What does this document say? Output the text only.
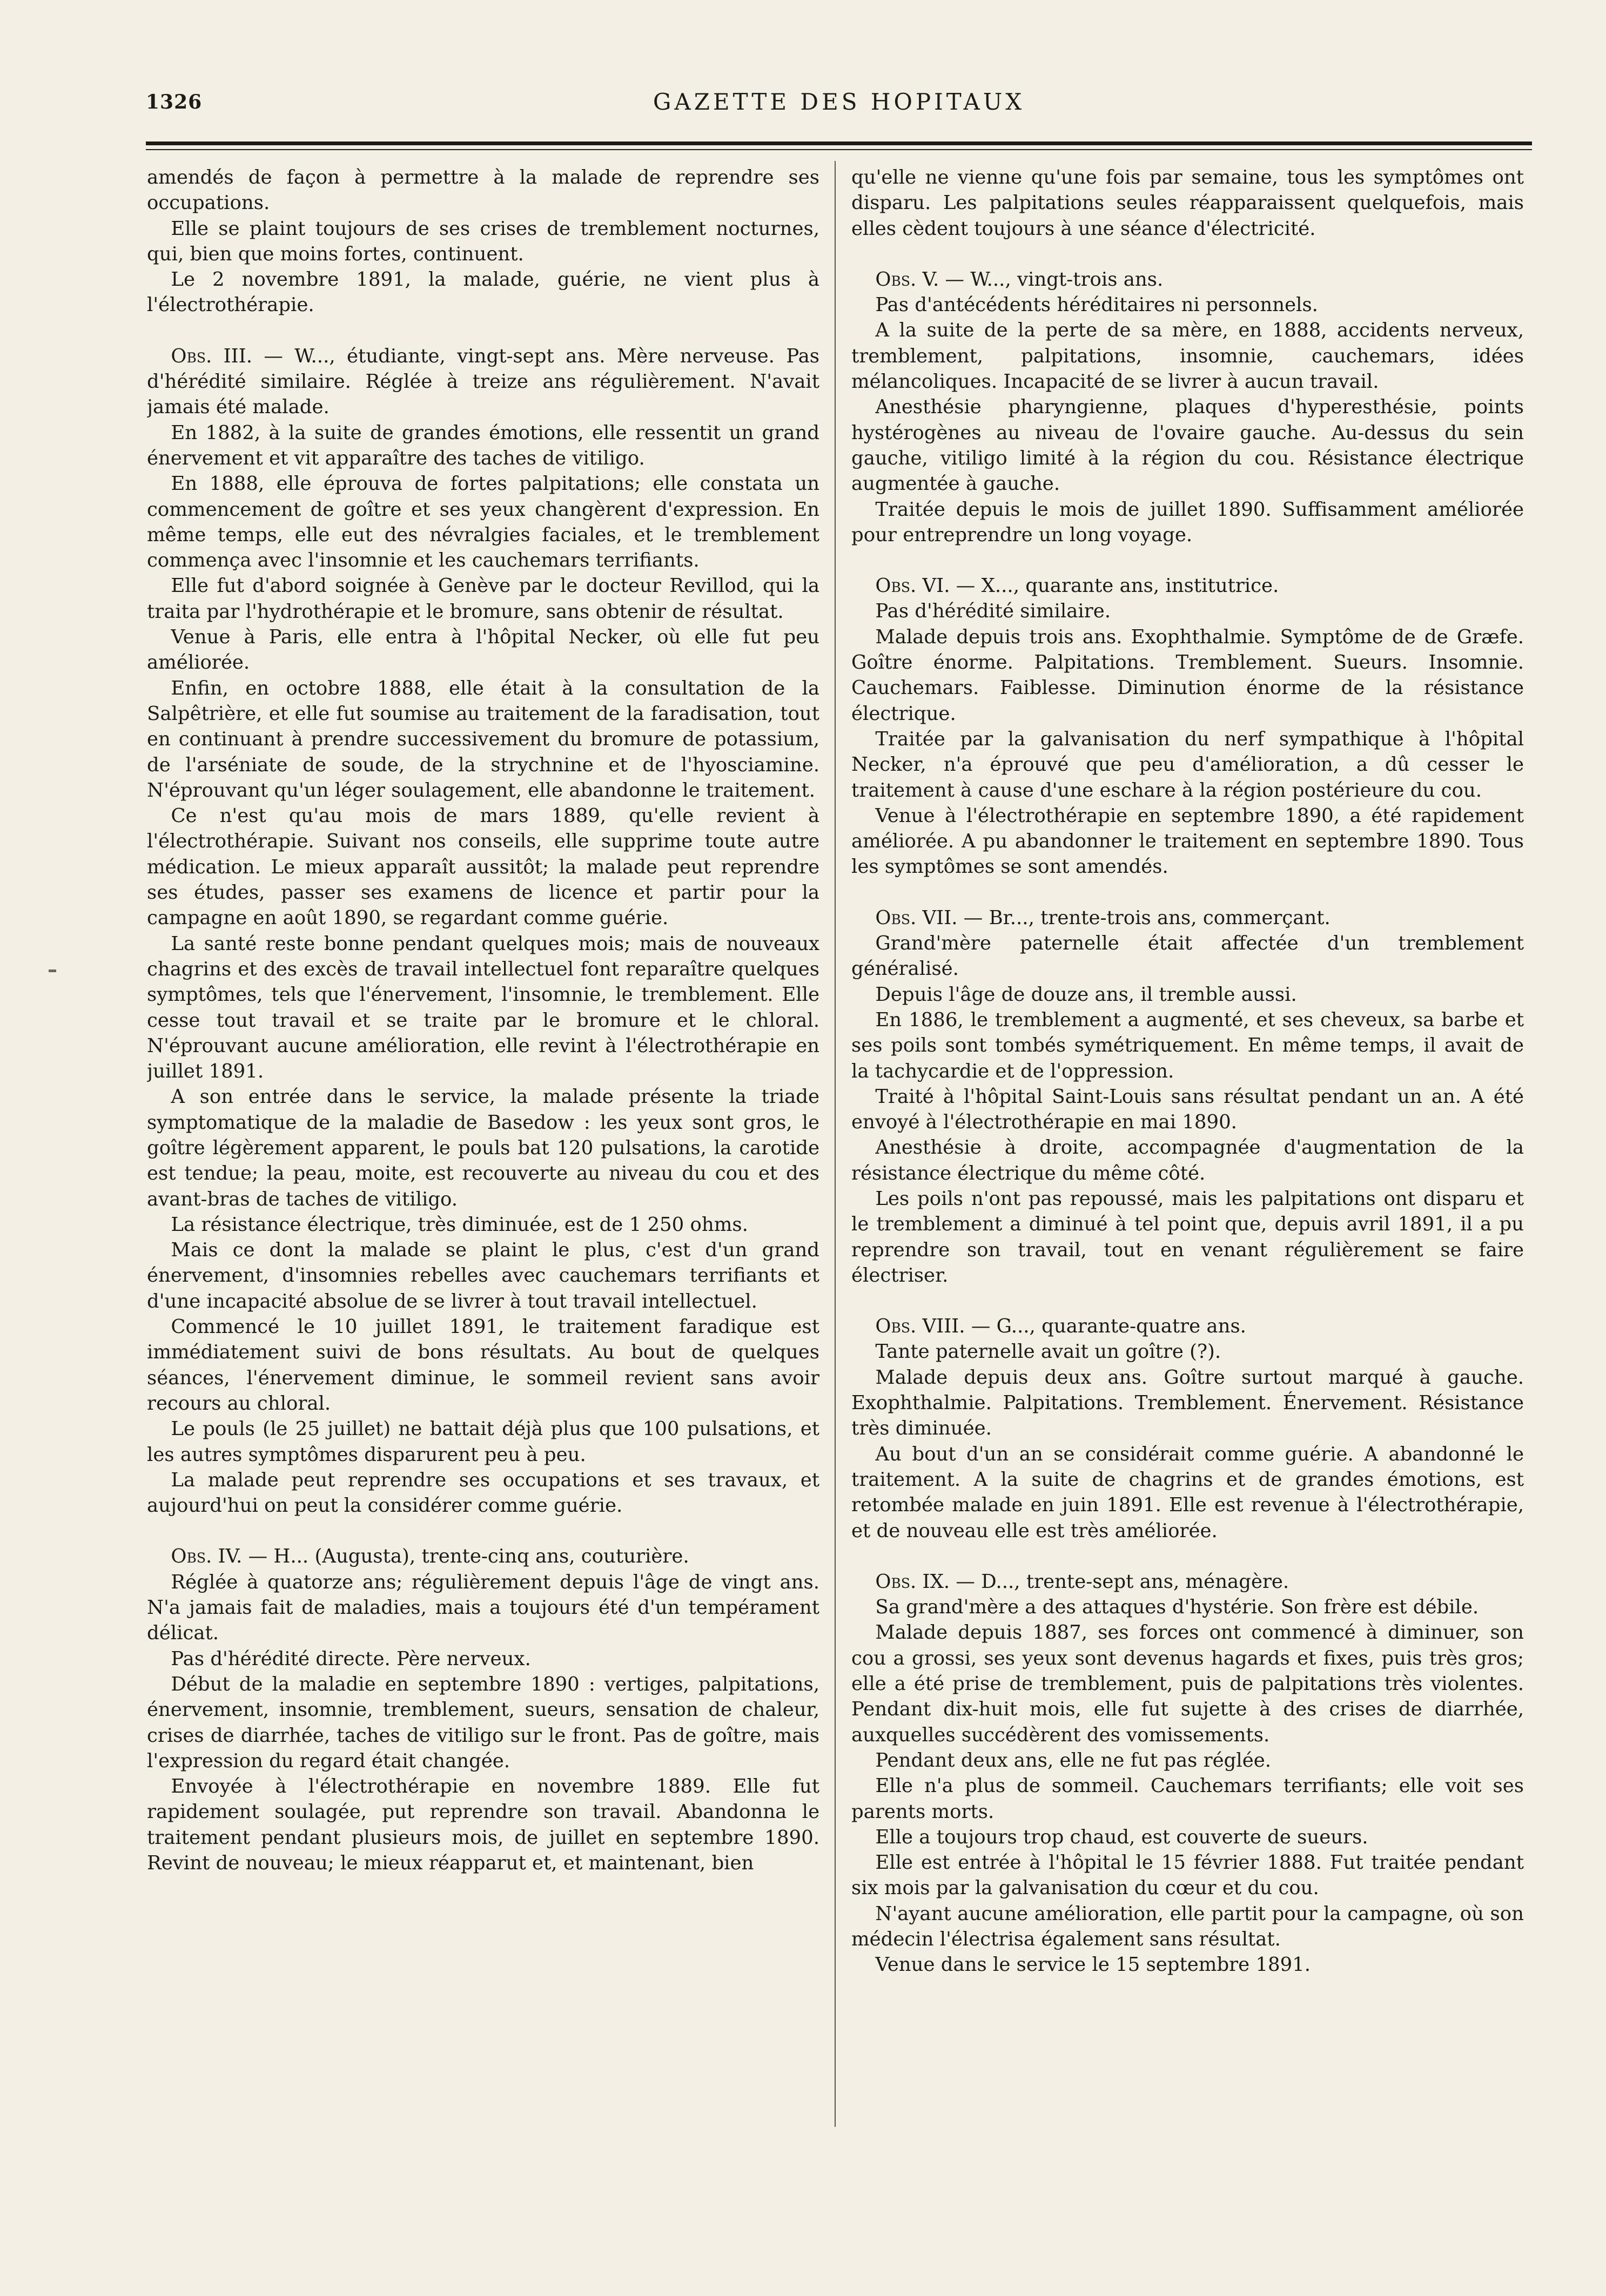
1326	GAZETTE DES HOPITAUX

amendés de façon à permettre à la malade de reprendre ses occupations.

Elle se plaint toujours de ses crises de tremblement nocturnes, qui, bien que moins fortes, continuent.

Le 2 novembre 1891, la malade, guérie, ne vient plus à l'électrothérapie.

Obs. III. — W..., étudiante, vingt-sept ans. Mère nerveuse. Pas d'hérédité similaire. Réglée à treize ans régulièrement. N'avait jamais été malade.

En 1882, à la suite de grandes émotions, elle ressentit un grand énervement et vit apparaître des taches de vitiligo.

En 1888, elle éprouva de fortes palpitations; elle constata un commencement de goître et ses yeux changèrent d'expression. En même temps, elle eut des névralgies faciales, et le tremblement commença avec l'insomnie et les cauchemars terrifiants.

Elle fut d'abord soignée à Genève par le docteur Revillod, qui la traita par l'hydrothérapie et le bromure, sans obtenir de résultat.

Venue à Paris, elle entra à l'hôpital Necker, où elle fut peu améliorée.

Enfin, en octobre 1888, elle était à la consultation de la Salpêtrière, et elle fut soumise au traitement de la faradisation, tout en continuant à prendre successivement du bromure de potassium, de l'arséniate de soude, de la strychnine et de l'hyosciamine. N'éprouvant qu'un léger soulagement, elle abandonne le traitement.

Ce n'est qu'au mois de mars 1889, qu'elle revient à l'électrothérapie. Suivant nos conseils, elle supprime toute autre médication. Le mieux apparaît aussitôt; la malade peut reprendre ses études, passer ses examens de licence et partir pour la campagne en août 1890, se regardant comme guérie.

La santé reste bonne pendant quelques mois; mais de nouveaux chagrins et des excès de travail intellectuel font reparaître quelques symptômes, tels que l'énervement, l'insomnie, le tremblement. Elle cesse tout travail et se traite par le bromure et le chloral. N'éprouvant aucune amélioration, elle revint à l'électrothérapie en juillet 1891.

A son entrée dans le service, la malade présente la triade symptomatique de la maladie de Basedow : les yeux sont gros, le goître légèrement apparent, le pouls bat 120 pulsations, la carotide est tendue; la peau, moite, est recouverte au niveau du cou et des avant-bras de taches de vitiligo.

La résistance électrique, très diminuée, est de 1 250 ohms.

Mais ce dont la malade se plaint le plus, c'est d'un grand énervement, d'insomnies rebelles avec cauchemars terrifiants et d'une incapacité absolue de se livrer à tout travail intellectuel.

Commencé le 10 juillet 1891, le traitement faradique est immédiatement suivi de bons résultats. Au bout de quelques séances, l'énervement diminue, le sommeil revient sans avoir recours au chloral.

Le pouls (le 25 juillet) ne battait déjà plus que 100 pulsations, et les autres symptômes disparurent peu à peu.

La malade peut reprendre ses occupations et ses travaux, et aujourd'hui on peut la considérer comme guérie.

Obs. IV. — H... (Augusta), trente-cinq ans, couturière.

Réglée à quatorze ans; régulièrement depuis l'âge de vingt ans. N'a jamais fait de maladies, mais a toujours été d'un tempérament délicat.

Pas d'hérédité directe. Père nerveux.

Début de la maladie en septembre 1890 : vertiges, palpitations, énervement, insomnie, tremblement, sueurs, sensation de chaleur, crises de diarrhée, taches de vitiligo sur le front. Pas de goître, mais l'expression du regard était changée.

Envoyée à l'électrothérapie en novembre 1889. Elle fut rapidement soulagée, put reprendre son travail. Abandonna le traitement pendant plusieurs mois, de juillet en septembre 1890. Revint de nouveau; le mieux réapparut et, et maintenant, bien

qu'elle ne vienne qu'une fois par semaine, tous les symptômes ont disparu. Les palpitations seules réapparaissent quelquefois, mais elles cèdent toujours à une séance d'électricité.

Obs. V. — W..., vingt-trois ans.

Pas d'antécédents héréditaires ni personnels.

A la suite de la perte de sa mère, en 1888, accidents nerveux, tremblement, palpitations, insomnie, cauchemars, idées mélancoliques. Incapacité de se livrer à aucun travail.

Anesthésie pharyngienne, plaques d'hyperesthésie, points hystérogènes au niveau de l'ovaire gauche. Au-dessus du sein gauche, vitiligo limité à la région du cou. Résistance électrique augmentée à gauche.

Traitée depuis le mois de juillet 1890. Suffisamment améliorée pour entreprendre un long voyage.

Obs. VI. — X..., quarante ans, institutrice.

Pas d'hérédité similaire.

Malade depuis trois ans. Exophthalmie. Symptôme de de Græfe. Goître énorme. Palpitations. Tremblement. Sueurs. Insomnie. Cauchemars. Faiblesse. Diminution énorme de la résistance électrique.

Traitée par la galvanisation du nerf sympathique à l'hôpital Necker, n'a éprouvé que peu d'amélioration, a dû cesser le traitement à cause d'une eschare à la région postérieure du cou.

Venue à l'électrothérapie en septembre 1890, a été rapidement améliorée. A pu abandonner le traitement en septembre 1890. Tous les symptômes se sont amendés.

Obs. VII. — Br..., trente-trois ans, commerçant.

Grand'mère paternelle était affectée d'un tremblement généralisé.

Depuis l'âge de douze ans, il tremble aussi.

En 1886, le tremblement a augmenté, et ses cheveux, sa barbe et ses poils sont tombés symétriquement. En même temps, il avait de la tachycardie et de l'oppression.

Traité à l'hôpital Saint-Louis sans résultat pendant un an. A été envoyé à l'électrothérapie en mai 1890.

Anesthésie à droite, accompagnée d'augmentation de la résistance électrique du même côté.

Les poils n'ont pas repoussé, mais les palpitations ont disparu et le tremblement a diminué à tel point que, depuis avril 1891, il a pu reprendre son travail, tout en venant régulièrement se faire électriser.

Obs. VIII. — G..., quarante-quatre ans.

Tante paternelle avait un goître (?).

Malade depuis deux ans. Goître surtout marqué à gauche. Exophthalmie. Palpitations. Tremblement. Énervement. Résistance très diminuée.

Au bout d'un an se considérait comme guérie. A abandonné le traitement. A la suite de chagrins et de grandes émotions, est retombée malade en juin 1891. Elle est revenue à l'électrothérapie, et de nouveau elle est très améliorée.

Obs. IX. — D..., trente-sept ans, ménagère.

Sa grand'mère a des attaques d'hystérie. Son frère est débile.

Malade depuis 1887, ses forces ont commencé à diminuer, son cou a grossi, ses yeux sont devenus hagards et fixes, puis très gros; elle a été prise de tremblement, puis de palpitations très violentes. Pendant dix-huit mois, elle fut sujette à des crises de diarrhée, auxquelles succédèrent des vomissements.

Pendant deux ans, elle ne fut pas réglée.

Elle n'a plus de sommeil. Cauchemars terrifiants; elle voit ses parents morts.

Elle a toujours trop chaud, est couverte de sueurs.

Elle est entrée à l'hôpital le 15 février 1888. Fut traitée pendant six mois par la galvanisation du cœur et du cou.

N'ayant aucune amélioration, elle partit pour la campagne, où son médecin l'électrisa également sans résultat.

Venue dans le service le 15 septembre 1891.
